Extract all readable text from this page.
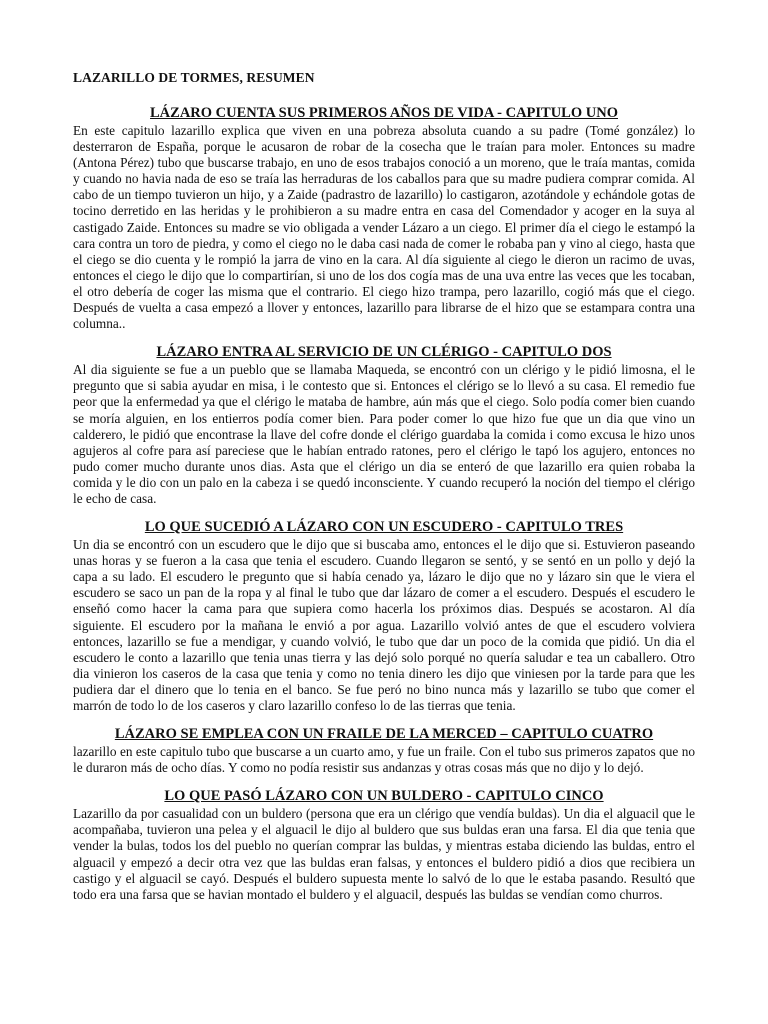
LAZARILLO DE TORMES, RESUMEN
LÁZARO CUENTA SUS PRIMEROS AÑOS DE VIDA - CAPITULO UNO

En este capitulo lazarillo explica que viven en una pobreza absoluta cuando a su padre (Tomé gonzález) lo desterraron de España, porque le acusaron de robar de la cosecha que le traían para moler. Entonces su madre (Antona Pérez) tubo que buscarse trabajo, en uno de esos trabajos conoció a un moreno, que le traía mantas, comida y cuando no havia nada de eso se traía las herraduras de los caballos para que su madre pudiera comprar comida. Al cabo de un tiempo tuvieron un hijo, y a Zaide (padrastro de lazarillo) lo castigaron, azotándole y echándole gotas de tocino derretido en las heridas y le prohibieron a su madre entra en casa del Comendador y acoger en la suya al castigado Zaide. Entonces su madre se vio obligada a vender Lázaro a un ciego. El primer día el ciego le estampó la cara contra un toro de piedra, y como el ciego no le daba casi nada de comer le robaba pan y vino al ciego, hasta que el ciego se dio cuenta y le rompió la jarra de vino en la cara. Al día siguiente al ciego le dieron un racimo de uvas, entonces el ciego le dijo que lo compartirían, si uno de los dos cogía mas de una uva entre las veces que les tocaban, el otro debería de coger las misma que el contrario. El ciego hizo trampa, pero lazarillo, cogió más que el ciego. Después de vuelta a casa empezó a llover y entonces, lazarillo para librarse de el hizo que se estampara contra una columna..

LÁZARO ENTRA AL SERVICIO DE UN CLÉRIGO - CAPITULO DOS

Al dia siguiente se fue a un pueblo que se llamaba Maqueda, se encontró con un clérigo y le pidió limosna, el le pregunto que si sabia ayudar en misa, i le contesto que si. Entonces el clérigo se lo llevó a su casa. El remedio fue peor que la enfermedad ya que el clérigo le mataba de hambre, aún más que el ciego. Solo podía comer bien cuando se moría alguien, en los entierros podía comer bien. Para poder comer lo que hizo fue que un dia que vino un calderero, le pidió que encontrase la llave del cofre donde el clérigo guardaba la comida i como excusa le hizo unos agujeros al cofre para así pareciese que le habían entrado ratones, pero el clérigo le tapó los agujero, entonces no pudo comer mucho durante unos dias. Asta que el clérigo un dia se enteró de que lazarillo era quien robaba la comida y le dio con un palo en la cabeza i se quedó inconsciente. Y cuando recuperó la noción del tiempo el clérigo le echo de casa.

LO QUE SUCEDIÓ A LÁZARO CON UN ESCUDERO - CAPITULO TRES

Un dia se encontró con un escudero que le dijo que si buscaba amo, entonces el le dijo que si. Estuvieron paseando unas horas y se fueron a la casa que tenia el escudero. Cuando llegaron se sentó, y se sentó en un pollo y dejó la capa a su lado. El escudero le pregunto que si había cenado ya, lázaro le dijo que no y lázaro sin que le viera el escudero se saco un pan de la ropa y al final le tubo que dar lázaro de comer a el escudero. Después el escudero le enseñó como hacer la cama para que supiera como hacerla los próximos dias. Después se acostaron. Al día siguiente. El escudero por la mañana le envió a por agua. Lazarillo volvió antes de que el escudero volviera entonces, lazarillo se fue a mendigar, y cuando volvió, le tubo que dar un poco de la comida que pidió. Un dia el escudero le conto a lazarillo que tenia unas tierra y las dejó solo porqué no quería saludar e tea un caballero. Otro dia vinieron los caseros de la casa que tenia y como no tenia dinero les dijo que viniesen por la tarde para que les pudiera dar el dinero que lo tenia en el banco. Se fue peró no bino nunca más y lazarillo se tubo que comer el marrón de todo lo de los caseros y claro lazarillo confeso lo de las tierras que tenia.

LÁZARO SE EMPLEA CON UN FRAILE DE LA MERCED – CAPITULO CUATRO

lazarillo en este capitulo tubo que buscarse a un cuarto amo, y fue un fraile. Con el tubo sus primeros zapatos que no le duraron más de ocho días. Y como no podía resistir sus andanzas y otras cosas más que no dijo y lo dejó.

LO QUE PASÓ LÁZARO CON UN BULDERO - CAPITULO CINCO

Lazarillo da por casualidad con un buldero (persona que era un clérigo que vendía buldas). Un dia el alguacil que le acompañaba, tuvieron una pelea y el alguacil le dijo al buldero que sus buldas eran una farsa. El dia que tenia que vender la bulas, todos los del pueblo no querían comprar las buldas, y mientras estaba diciendo las buldas, entro el alguacil y empezó a decir otra vez que las buldas eran falsas, y entonces el buldero pidió a dios que recibiera un castigo y el alguacil se cayó. Después el buldero supuesta mente lo salvó de lo que le estaba pasando. Resultó que todo era una farsa que se havian montado el buldero y el alguacil, después las buldas se vendían como churros.
